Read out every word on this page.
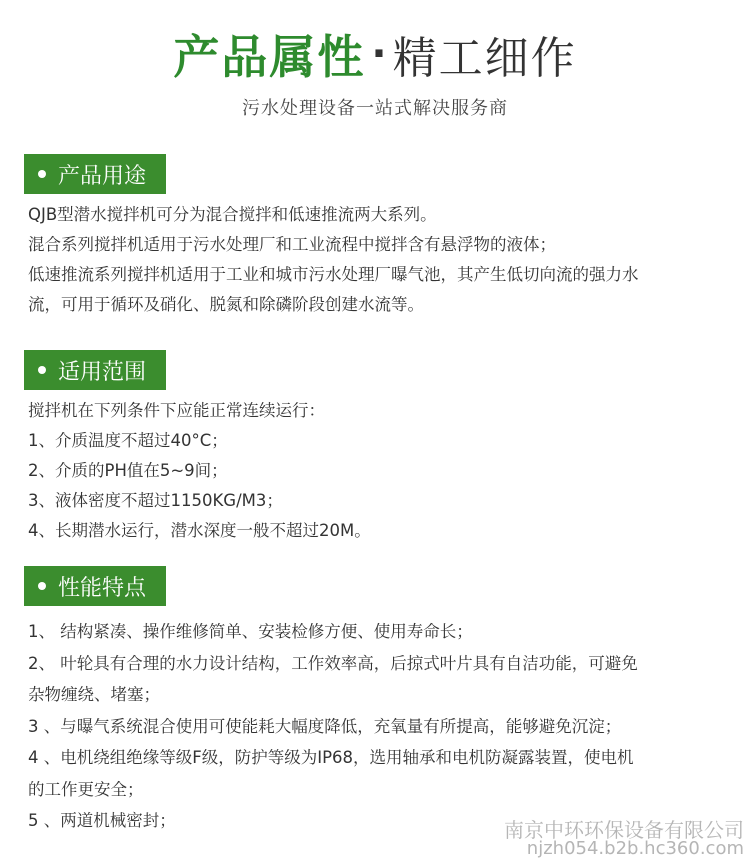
产品属性 · 精工细作
污水处理设备一站式解决服务商
产品用途
QJB型潜水搅拌机可分为混合搅拌和低速推流两大系列。
混合系列搅拌机适用于污水处理厂和工业流程中搅拌含有悬浮物的液体；
低速推流系列搅拌机适用于工业和城市污水处理厂曝气池，其产生低切向流的强力水
流，可用于循环及硝化、脱氮和除磷阶段创建水流等。
适用范围
搅拌机在下列条件下应能正常连续运行：
1、介质温度不超过40°C；
2、介质的PH值在5~9间；
3、液体密度不超过1150KG/M3；
4、长期潜水运行，潜水深度一般不超过20M。
性能特点
1、 结构紧凑、操作维修简单、安装检修方便、使用寿命长；
2、 叶轮具有合理的水力设计结构，工作效率高，后掠式叶片具有自洁功能，可避免
杂物缠绕、堵塞；
3 、与曝气系统混合使用可使能耗大幅度降低，充氧量有所提高，能够避免沉淀；
4 、电机绕组绝缘等级F级，防护等级为IP68，选用轴承和电机防凝露装置，使电机
的工作更安全；
5 、两道机械密封；	南京中环环保设备有限公司
njzh054.b2b.hc360.com
